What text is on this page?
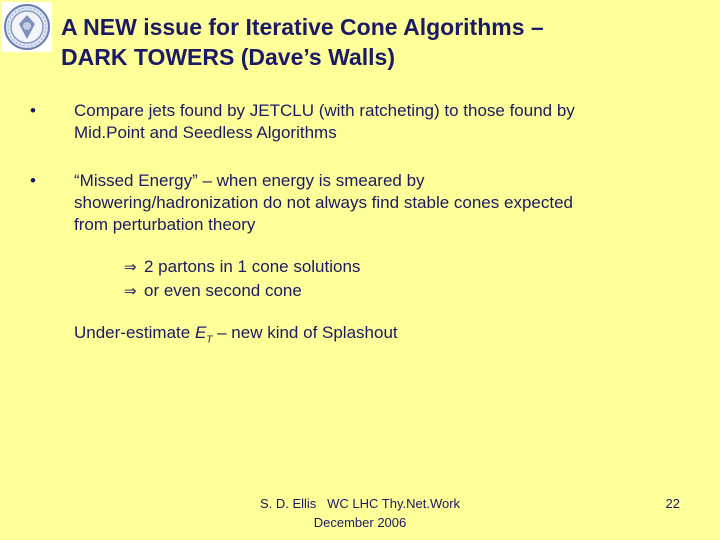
A NEW issue for Iterative Cone Algorithms –
DARK TOWERS (Dave’s Walls)
• Compare jets found by JETCLU (with ratcheting) to those found by
Mid.Point and Seedless Algorithms
• “Missed Energy” – when energy is smeared by
showering/hadronization do not always find stable cones expected
from perturbation theory
⇒ 2 partons in 1 cone solutions
⇒ or even second cone
Under-estimate $E_T$ – new kind of Splashout
S. D. Ellis   WC LHC Thy.Net.Work
December 2006
22
